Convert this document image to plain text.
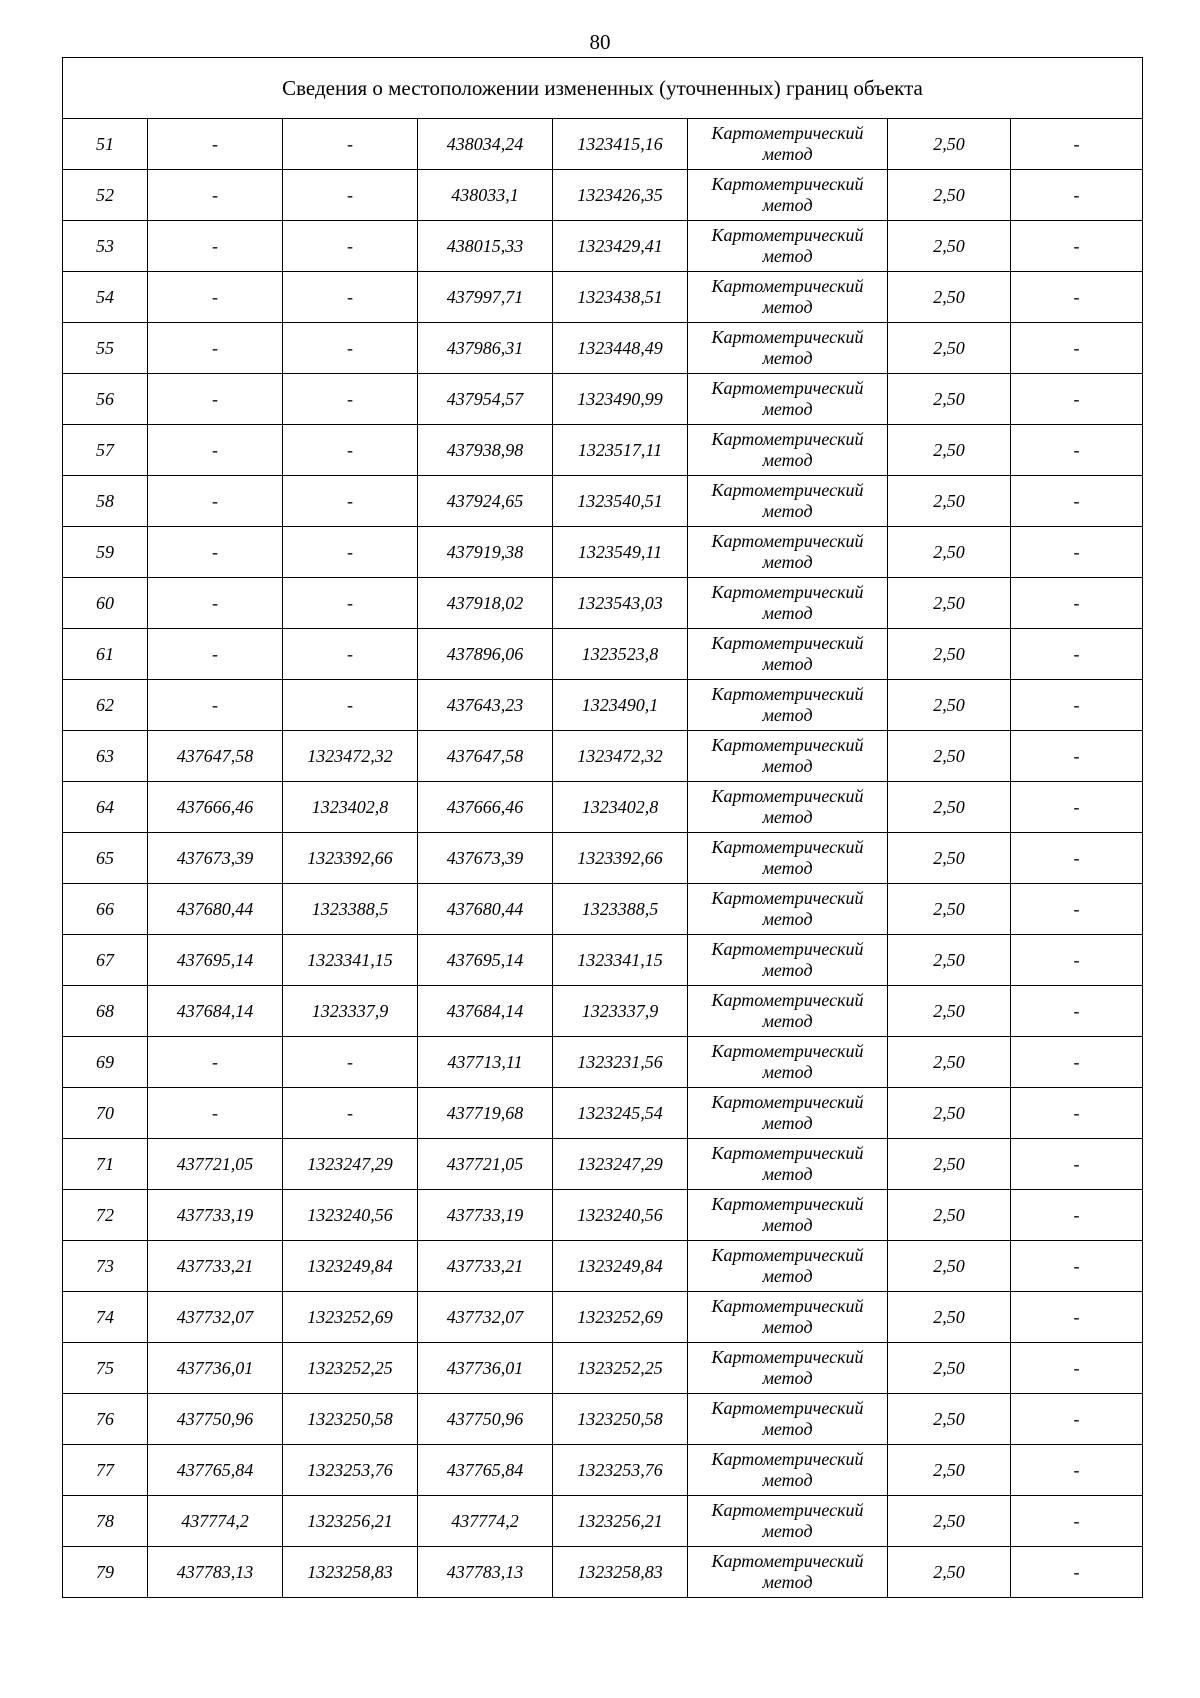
80
Сведения о местоположении измененных (уточненных) границ объекта							
51	-	-	438034,24	1323415,16	Картометрический метод	2,50	-
52	-	-	438033,1	1323426,35	Картометрический метод	2,50	-
53	-	-	438015,33	1323429,41	Картометрический метод	2,50	-
54	-	-	437997,71	1323438,51	Картометрический метод	2,50	-
55	-	-	437986,31	1323448,49	Картометрический метод	2,50	-
56	-	-	437954,57	1323490,99	Картометрический метод	2,50	-
57	-	-	437938,98	1323517,11	Картометрический метод	2,50	-
58	-	-	437924,65	1323540,51	Картометрический метод	2,50	-
59	-	-	437919,38	1323549,11	Картометрический метод	2,50	-
60	-	-	437918,02	1323543,03	Картометрический метод	2,50	-
61	-	-	437896,06	1323523,8	Картометрический метод	2,50	-
62	-	-	437643,23	1323490,1	Картометрический метод	2,50	-
63	437647,58	1323472,32	437647,58	1323472,32	Картометрический метод	2,50	-
64	437666,46	1323402,8	437666,46	1323402,8	Картометрический метод	2,50	-
65	437673,39	1323392,66	437673,39	1323392,66	Картометрический метод	2,50	-
66	437680,44	1323388,5	437680,44	1323388,5	Картометрический метод	2,50	-
67	437695,14	1323341,15	437695,14	1323341,15	Картометрический метод	2,50	-
68	437684,14	1323337,9	437684,14	1323337,9	Картометрический метод	2,50	-
69	-	-	437713,11	1323231,56	Картометрический метод	2,50	-
70	-	-	437719,68	1323245,54	Картометрический метод	2,50	-
71	437721,05	1323247,29	437721,05	1323247,29	Картометрический метод	2,50	-
72	437733,19	1323240,56	437733,19	1323240,56	Картометрический метод	2,50	-
73	437733,21	1323249,84	437733,21	1323249,84	Картометрический метод	2,50	-
74	437732,07	1323252,69	437732,07	1323252,69	Картометрический метод	2,50	-
75	437736,01	1323252,25	437736,01	1323252,25	Картометрический метод	2,50	-
76	437750,96	1323250,58	437750,96	1323250,58	Картометрический метод	2,50	-
77	437765,84	1323253,76	437765,84	1323253,76	Картометрический метод	2,50	-
78	437774,2	1323256,21	437774,2	1323256,21	Картометрический метод	2,50	-
79	437783,13	1323258,83	437783,13	1323258,83	Картометрический метод	2,50	-
